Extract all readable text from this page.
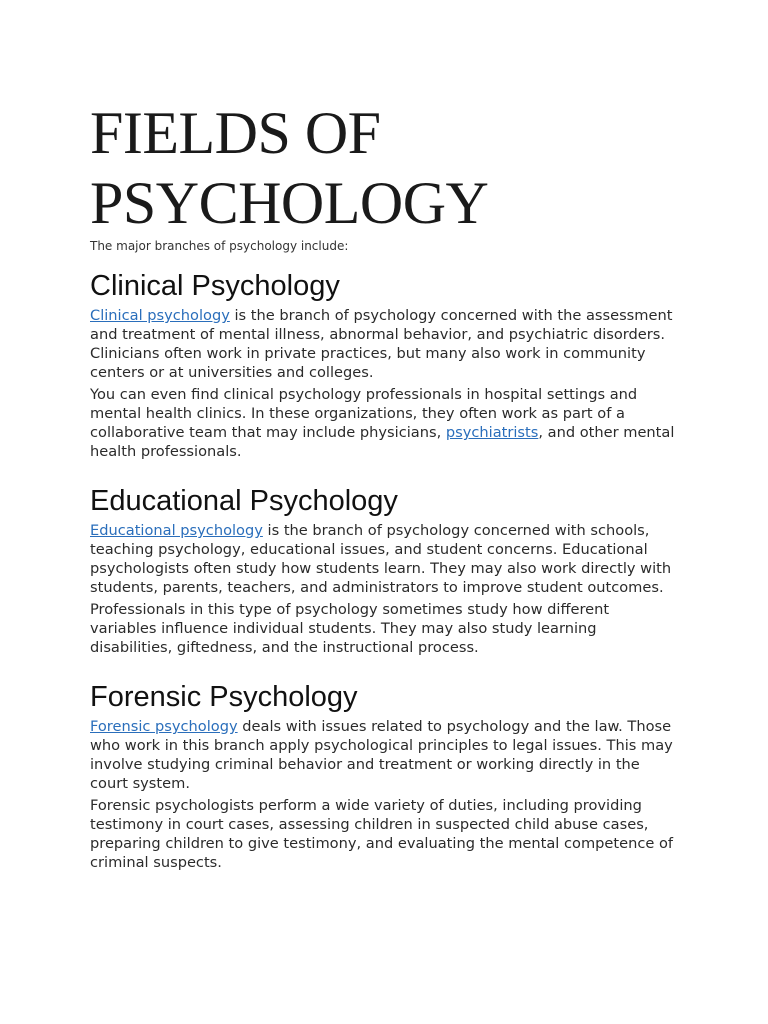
FIELDS OF
PSYCHOLOGY

The major branches of psychology include:

Clinical Psychology

Clinical psychology is the branch of psychology concerned with the assessment and treatment of mental illness, abnormal behavior, and psychiatric disorders. Clinicians often work in private practices, but many also work in community centers or at universities and colleges.

You can even find clinical psychology professionals in hospital settings and mental health clinics. In these organizations, they often work as part of a collaborative team that may include physicians, psychiatrists, and other mental health professionals.

Educational Psychology

Educational psychology is the branch of psychology concerned with schools, teaching psychology, educational issues, and student concerns. Educational psychologists often study how students learn. They may also work directly with students, parents, teachers, and administrators to improve student outcomes.

Professionals in this type of psychology sometimes study how different variables influence individual students. They may also study learning disabilities, giftedness, and the instructional process.

Forensic Psychology

Forensic psychology deals with issues related to psychology and the law. Those who work in this branch apply psychological principles to legal issues. This may involve studying criminal behavior and treatment or working directly in the court system.

Forensic psychologists perform a wide variety of duties, including providing testimony in court cases, assessing children in suspected child abuse cases, preparing children to give testimony, and evaluating the mental competence of criminal suspects.
